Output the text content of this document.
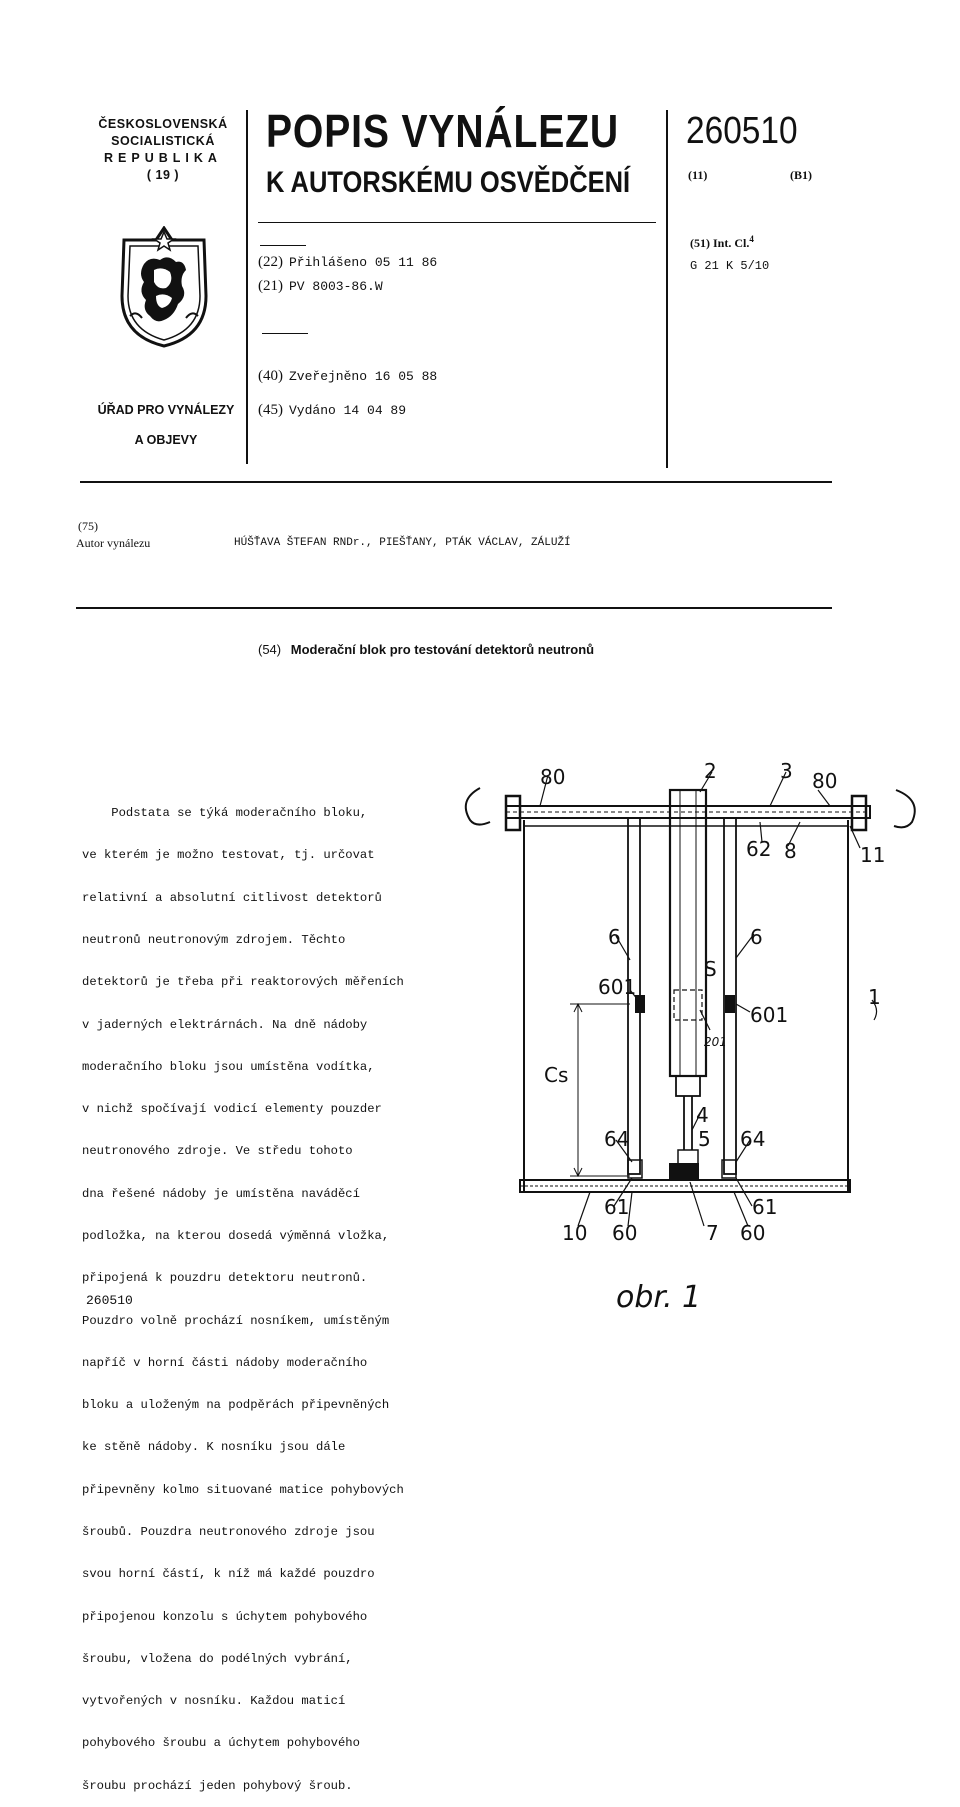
ČESKOSLOVENSKÁ
SOCIALISTICKÁ
REPUBLIKA
( 19 )
ÚŘAD PRO VYNÁLEZY
A OBJEVY
POPIS VYNÁLEZU
K AUTORSKÉMU OSVĚDČENÍ
260510
(11)	(B1)
(51) Int. Cl.$^4$
G 21 K 5/10
(22) Přihlášeno 05 11 86
(21) PV 8003-86.W
(40) Zveřejněno 16 05 88
(45) Vydáno 14 04 89
(75)
Autor vynálezu	HÚŠŤAVA ŠTEFAN RNDr., PIEŠŤANY, PTÁK VÁCLAV, ZÁLUŽÍ
(54) Moderační blok pro testování detektorů neutronů

Podstata se týká moderačního bloku,

ve kterém je možno testovat, tj. určovat

relativní a absolutní citlivost detektorů

neutronů neutronovým zdrojem. Těchto

detektorů je třeba při reaktorových měřeních

v jaderných elektrárnách. Na dně nádoby

moderačního bloku jsou umístěna vodítka,

v nichž spočívají vodicí elementy pouzder

neutronového zdroje. Ve středu tohoto

dna řešené nádoby je umístěna naváděcí

podložka, na kterou dosedá výměnná vložka,

připojená k pouzdru detektoru neutronů.

Pouzdro volně prochází nosníkem, umístěným

napříč v horní části nádoby moderačního

bloku a uloženým na podpěrách připevněných

ke stěně nádoby. K nosníku jsou dále

připevněny kolmo situované matice pohybových

šroubů. Pouzdra neutronového zdroje jsou

svou horní částí, k níž má každé pouzdro

připojenou konzolu s úchytem pohybového

šroubu, vložena do podélných vybrání,

vytvořených v nosníku. Každou maticí

pohybového šroubu a úchytem pohybového

šroubu prochází jeden pohybový šroub.

80	2	3 80
62 8	11
6	6
S
601
601
1
201
Cs
4
5
64	64
61	61
10 60	7 60
260510	obr. 1
